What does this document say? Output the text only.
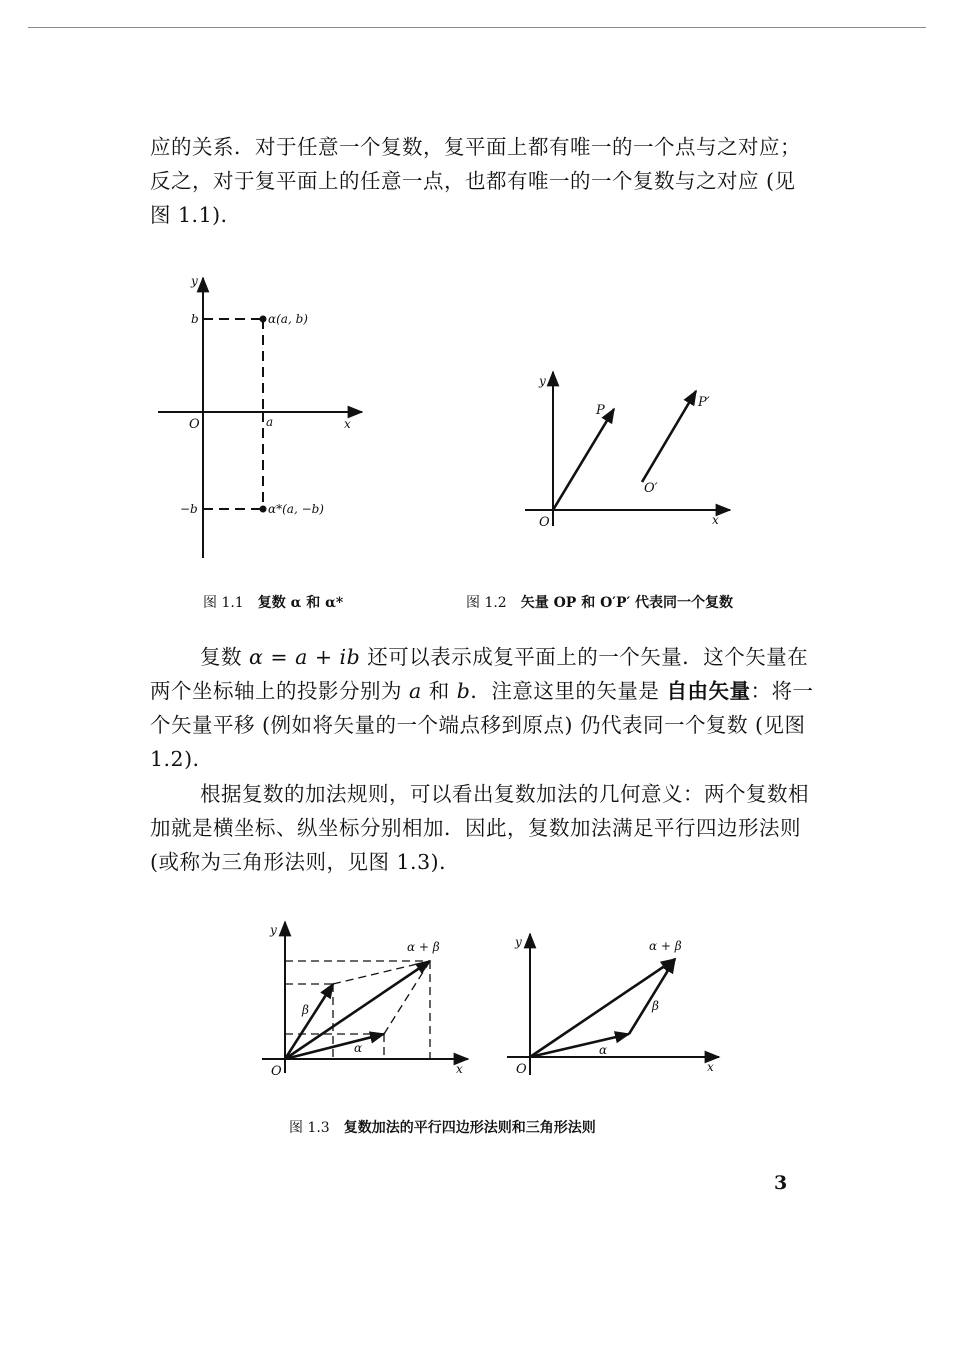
应的关系．对于任意一个复数，复平面上都有唯一的一个点与之对应；反之，对于复平面上的任意一点，也都有唯一的一个复数与之对应 (见图 1.1)．

y
x
O
b
−b
a
α(a, b)
α*(a, −b)
y
x
O
P
P′
O′
图 1.1 复数 α 和 α*	图 1.2 矢量 OP 和 O′P′ 代表同一个复数

复数 α = a + ib 还可以表示成复平面上的一个矢量．这个矢量在两个坐标轴上的投影分别为 a 和 b．注意这里的矢量是 自由矢量：将一个矢量平移 (例如将矢量的一个端点移到原点) 仍代表同一个复数 (见图 1.2)．

根据复数的加法规则，可以看出复数加法的几何意义：两个复数相加就是横坐标、纵坐标分别相加．因此，复数加法满足平行四边形法则 (或称为三角形法则，见图 1.3)．

y
x
O
α + β
β
α
y
x
O
α + β
β
α
图 1.3 复数加法的平行四边形法则和三角形法则
3
